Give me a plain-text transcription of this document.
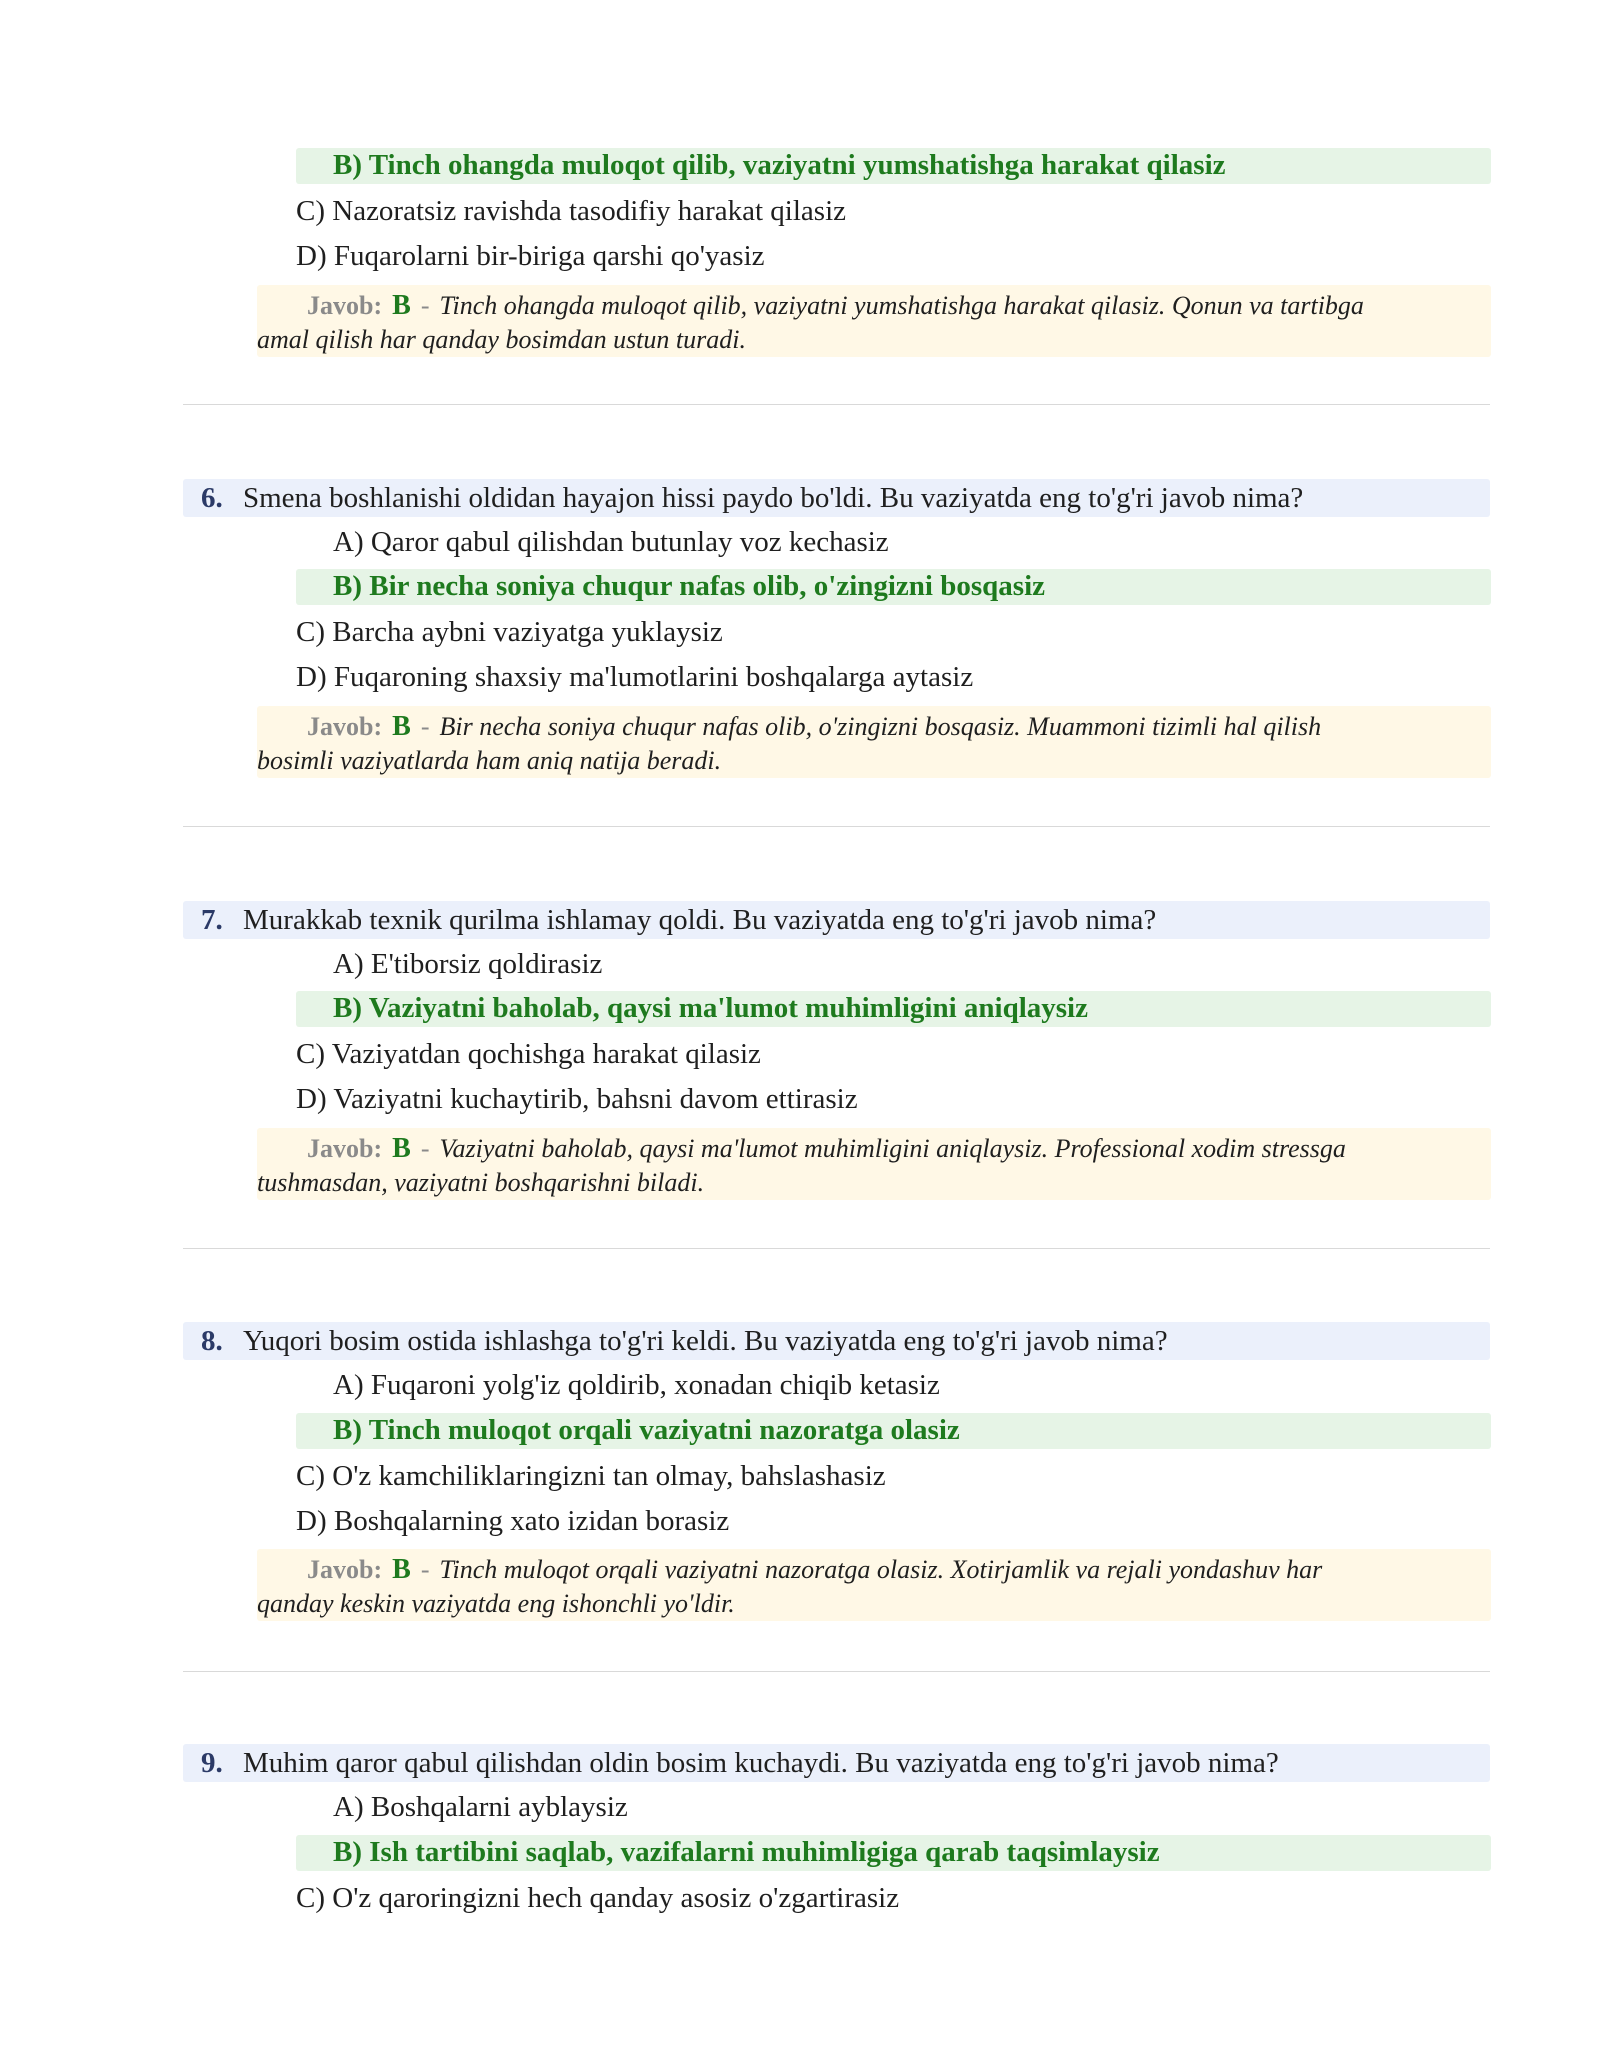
B) Tinch ohangda muloqot qilib, vaziyatni yumshatishga harakat qilasiz
C) Nazoratsiz ravishda tasodifiy harakat qilasiz
D) Fuqarolarni bir-biriga qarshi qo'yasiz
Javob: B - Tinch ohangda muloqot qilib, vaziyatni yumshatishga harakat qilasiz. Qonun va tartibga
amal qilish har qanday bosimdan ustun turadi.
6. Smena boshlanishi oldidan hayajon hissi paydo bo'ldi. Bu vaziyatda eng to'g'ri javob nima?
A) Qaror qabul qilishdan butunlay voz kechasiz
B) Bir necha soniya chuqur nafas olib, o'zingizni bosqasiz
C) Barcha aybni vaziyatga yuklaysiz
D) Fuqaroning shaxsiy ma'lumotlarini boshqalarga aytasiz
Javob: B - Bir necha soniya chuqur nafas olib, o'zingizni bosqasiz. Muammoni tizimli hal qilish
bosimli vaziyatlarda ham aniq natija beradi.
7. Murakkab texnik qurilma ishlamay qoldi. Bu vaziyatda eng to'g'ri javob nima?
A) E'tiborsiz qoldirasiz
B) Vaziyatni baholab, qaysi ma'lumot muhimligini aniqlaysiz
C) Vaziyatdan qochishga harakat qilasiz
D) Vaziyatni kuchaytirib, bahsni davom ettirasiz
Javob: B - Vaziyatni baholab, qaysi ma'lumot muhimligini aniqlaysiz. Professional xodim stressga
tushmasdan, vaziyatni boshqarishni biladi.
8. Yuqori bosim ostida ishlashga to'g'ri keldi. Bu vaziyatda eng to'g'ri javob nima?
A) Fuqaroni yolg'iz qoldirib, xonadan chiqib ketasiz
B) Tinch muloqot orqali vaziyatni nazoratga olasiz
C) O'z kamchiliklaringizni tan olmay, bahslashasiz
D) Boshqalarning xato izidan borasiz
Javob: B - Tinch muloqot orqali vaziyatni nazoratga olasiz. Xotirjamlik va rejali yondashuv har
qanday keskin vaziyatda eng ishonchli yo'ldir.
9. Muhim qaror qabul qilishdan oldin bosim kuchaydi. Bu vaziyatda eng to'g'ri javob nima?
A) Boshqalarni ayblaysiz
B) Ish tartibini saqlab, vazifalarni muhimligiga qarab taqsimlaysiz
C) O'z qaroringizni hech qanday asosiz o'zgartirasiz
